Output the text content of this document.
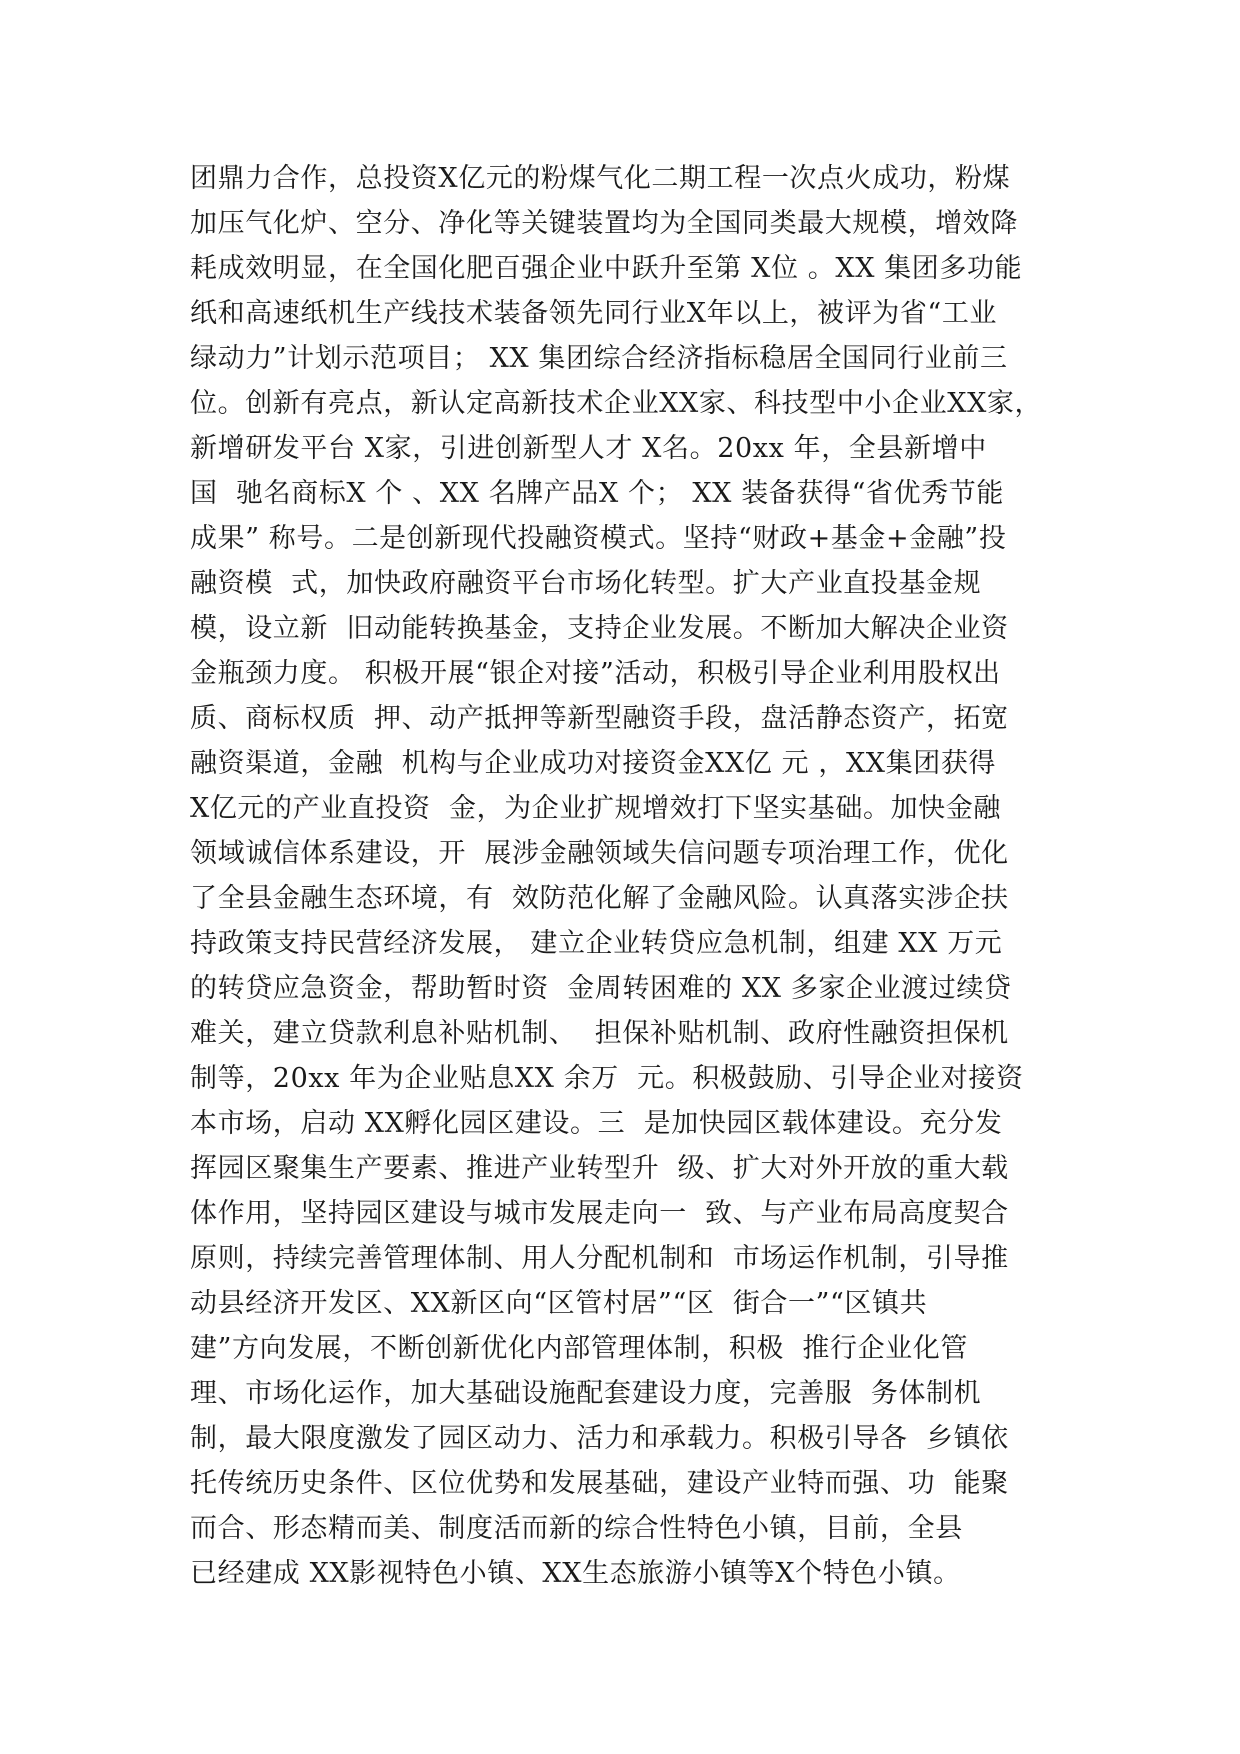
团鼎力合作，总投资X亿元的粉煤气化二期工程一次点火成功，粉煤
加压气化炉、空分、净化等关键装置均为全国同类最大规模，增效降
耗成效明显，在全国化肥百强企业中跃升至第 X位 。XX 集团多功能
纸和高速纸机生产线技术装备领先同行业X年以上，被评为省“工业
绿动力”计划示范项目； XX 集团综合经济指标稳居全国同行业前三
位。创新有亮点，新认定高新技术企业XX家、科技型中小企业XX家，
新增研发平台 X家，引进创新型人才 X名。20xx 年，全县新增中
国  驰名商标X 个 、XX 名牌产品X 个； XX 装备获得“省优秀节能
成果” 称号。二是创新现代投融资模式。坚持“财政+基金+金融”投
融资模  式，加快政府融资平台市场化转型。扩大产业直投基金规
模，设立新  旧动能转换基金，支持企业发展。不断加大解决企业资
金瓶颈力度。 积极开展“银企对接”活动，积极引导企业利用股权出
质、商标权质  押、动产抵押等新型融资手段，盘活静态资产，拓宽
融资渠道，金融  机构与企业成功对接资金XX亿 元 ，XX集团获得
X亿元的产业直投资  金，为企业扩规增效打下坚实基础。加快金融
领域诚信体系建设，开  展涉金融领域失信问题专项治理工作，优化
了全县金融生态环境，有  效防范化解了金融风险。认真落实涉企扶
持政策支持民营经济发展， 建立企业转贷应急机制，组建 XX 万元
的转贷应急资金，帮助暂时资  金周转困难的 XX 多家企业渡过续贷
难关，建立贷款利息补贴机制、  担保补贴机制、政府性融资担保机
制等，20xx 年为企业贴息XX 余万  元。积极鼓励、引导企业对接资
本市场，启动 XX孵化园区建设。三  是加快园区载体建设。充分发
挥园区聚集生产要素、推进产业转型升  级、扩大对外开放的重大载
体作用，坚持园区建设与城市发展走向一  致、与产业布局高度契合
原则，持续完善管理体制、用人分配机制和  市场运作机制，引导推
动县经济开发区、XX新区向“区管村居”“区  街合一”“区镇共
建”方向发展，不断创新优化内部管理体制，积极  推行企业化管
理、市场化运作，加大基础设施配套建设力度，完善服  务体制机
制，最大限度激发了园区动力、活力和承载力。积极引导各  乡镇依
托传统历史条件、区位优势和发展基础，建设产业特而强、功  能聚
而合、形态精而美、制度活而新的综合性特色小镇，目前，全县
已经建成 XX影视特色小镇、XX生态旅游小镇等X个特色小镇。
